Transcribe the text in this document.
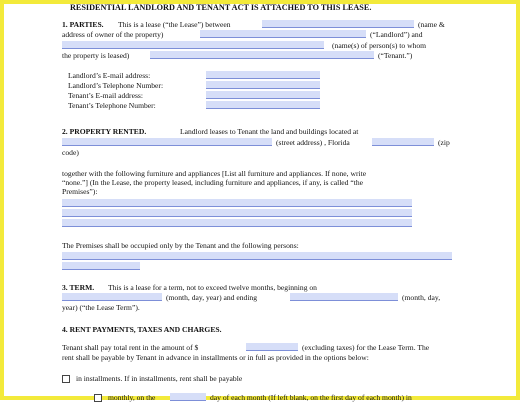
RESIDENTIAL LANDLORD AND TENANT ACT IS ATTACHED TO THIS LEASE.
1. PARTIES. This is a lease (“the Lease”) between	(name &
address of owner of the property)	(“Landlord”) and
(name(s) of person(s) to whom
the property is leased)	(“Tenant.”)
Landlord’s E-mail address:
Landlord’s Telephone Number:
Tenant’s E-mail address:
Tenant’s Telephone Number:
2. PROPERTY RENTED.	Landlord leases to Tenant the land and buildings located at
(street address) , Florida	(zip
code)
together with the following furniture and appliances [List all furniture and appliances. If none, write
“none.”] (In the Lease, the property leased, including furniture and appliances, if any, is called “the
Premises”):
The Premises shall be occupied only by the Tenant and the following persons:
3. TERM. This is a lease for a term, not to exceed twelve months, beginning on
(month, day, year) and ending	(month, day,
year) (“the Lease Term”).
4. RENT PAYMENTS, TAXES AND CHARGES.
Tenant shall pay total rent in the amount of $	(excluding taxes) for the Lease Term. The
rent shall be payable by Tenant in advance in installments or in full as provided in the options below:
in installments. If in installments, rent shall be payable
monthly, on the	day of each month (If left blank, on the first day of each month) in
